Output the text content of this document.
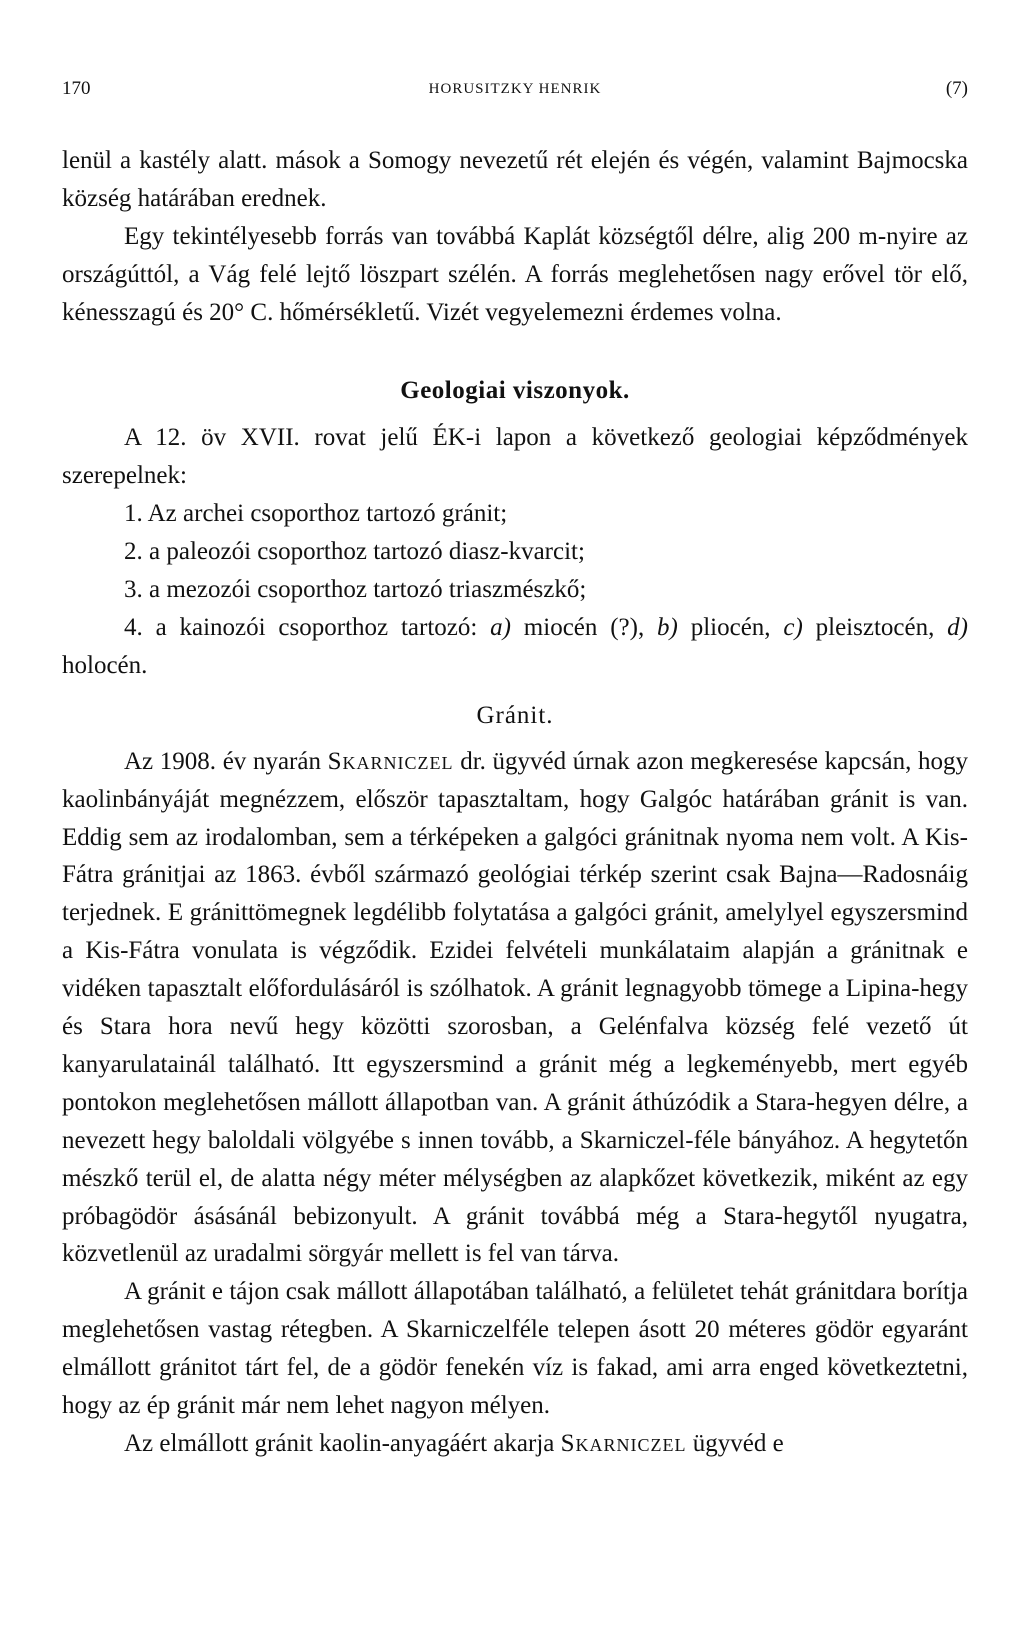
170	HORUSITZKY HENRIK	(7)

lenül a kastély alatt. mások a Somogy nevezetű rét elején és végén, valamint Bajmocska község határában erednek.

Egy tekintélyesebb forrás van továbbá Kaplát községtől délre, alig 200 m-nyire az országúttól, a Vág felé lejtő löszpart szélén. A forrás meglehetősen nagy erővel tör elő, kénesszagú és 20° C. hőmérsékletű. Vizét vegyelemezni érdemes volna.

Geologiai viszonyok.

A 12. öv XVII. rovat jelű ÉK-i lapon a következő geologiai képződmények szerepelnek:

1. Az archei csoporthoz tartozó gránit;

2. a paleozói csoporthoz tartozó diasz-kvarcit;

3. a mezozói csoporthoz tartozó triaszmészkő;

4. a kainozói csoporthoz tartozó: a) miocén (?), b) pliocén, c) pleisztocén, d) holocén.

Gránit.

Az 1908. év nyarán Skarniczel dr. ügyvéd úrnak azon megkeresése kapcsán, hogy kaolinbányáját megnézzem, először tapasztaltam, hogy Galgóc határában gránit is van. Eddig sem az irodalomban, sem a térképeken a galgóci gránitnak nyoma nem volt. A Kis-Fátra gránitjai az 1863. évből származó geológiai térkép szerint csak Bajna—Radosnáig terjednek. E gránittömegnek legdélibb folytatása a galgóci gránit, amelylyel egyszersmind a Kis-Fátra vonulata is végződik. Ezidei felvételi munkálataim alapján a gránitnak e vidéken tapasztalt előfordulásáról is szólhatok. A gránit legnagyobb tömege a Lipina-hegy és Stara hora nevű hegy közötti szorosban, a Gelénfalva község felé vezető út kanyarulatainál található. Itt egyszersmind a gránit még a legkeményebb, mert egyéb pontokon meglehetősen mállott állapotban van. A gránit áthúzódik a Stara-hegyen délre, a nevezett hegy baloldali völgyébe s innen tovább, a Skarniczel-féle bányához. A hegytetőn mészkő terül el, de alatta négy méter mélységben az alapkőzet következik, miként az egy próbagödör ásásánál bebizonyult. A gránit továbbá még a Stara-hegytől nyugatra, közvetlenül az uradalmi sörgyár mellett is fel van tárva.

A gránit e tájon csak mállott állapotában található, a felületet tehát gránitdara borítja meglehetősen vastag rétegben. A Skarniczelféle telepen ásott 20 méteres gödör egyaránt elmállott gránitot tárt fel, de a gödör fenekén víz is fakad, ami arra enged következtetni, hogy az ép gránit már nem lehet nagyon mélyen.

Az elmállott gránit kaolin-anyagáért akarja Skarniczel ügyvéd e
